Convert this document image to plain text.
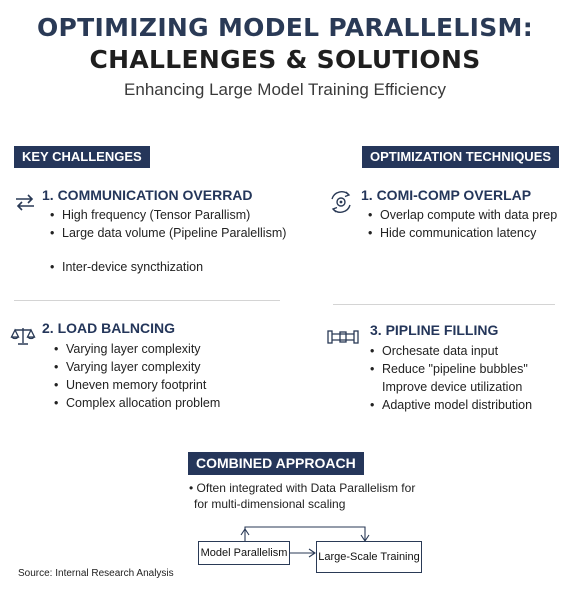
OPTIMIZING MODEL PARALLELISM:
CHALLENGES & SOLUTIONS
Enhancing Large Model Training Efficiency
KEY CHALLENGES
1. COMMUNICATION OVERRAD
• High frequency (Tensor Parallism)
• Large data volume (Pipeline Paralellism)
• Inter-device syncthization
2. LOAD BALNCING
• Varying layer complexity
• Varying layer complexity
• Uneven memory footprint
• Complex allocation problem
OPTIMIZATION TECHNIQUES
1. COMI-COMP OVERLAP
• Overlap compute with data prep
• Hide communication latency
3. PIPLINE FILLING
• Orchesate data input
• Reduce "pipeline bubbles"
Improve device utilization
• Adaptive model distribution
COMBINED APPROACH
• Often integrated with Data Parallelism for
for multi-dimensional scaling
Model Parallelism	Large-Scale Training
Source: Internal Research Analysis
